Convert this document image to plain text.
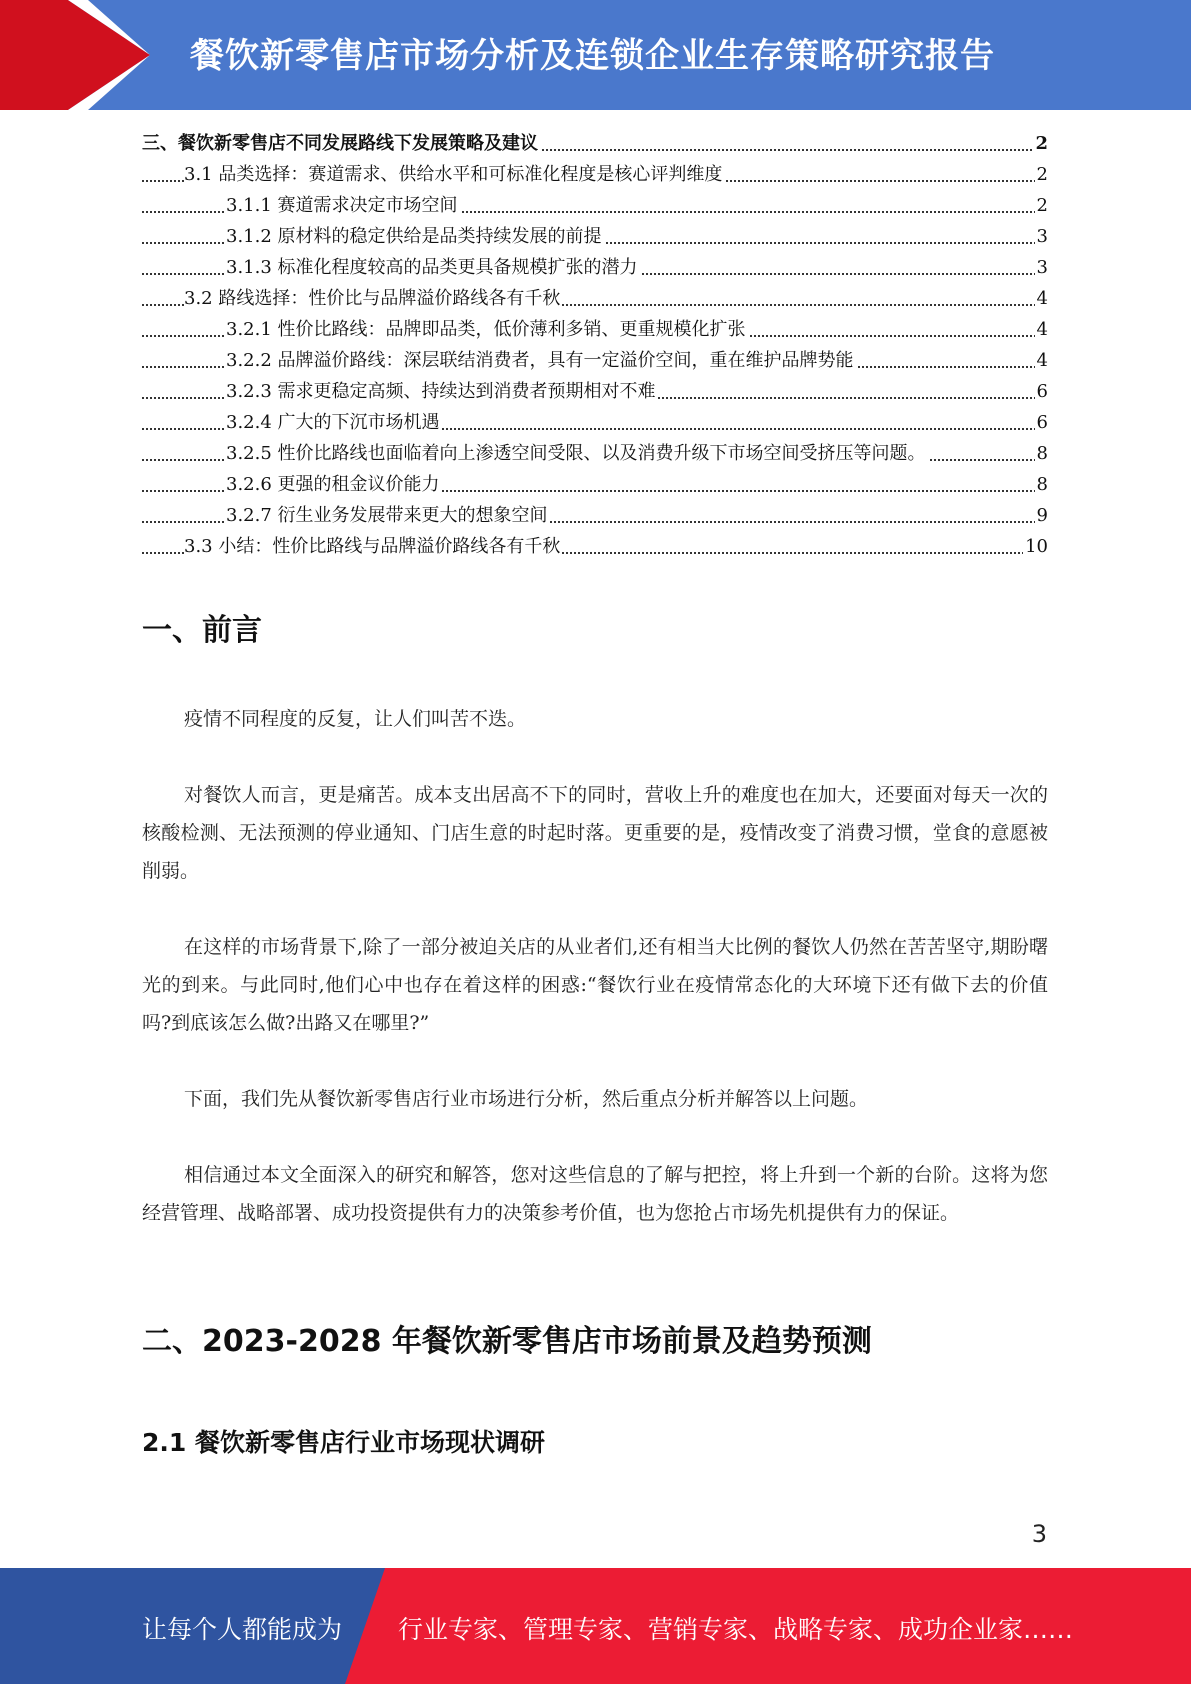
餐饮新零售店市场分析及连锁企业生存策略研究报告
三、餐饮新零售店不同发展路线下发展策略及建议	2
3.1 品类选择：赛道需求、供给水平和可标准化程度是核心评判维度	2
3.1.1 赛道需求决定市场空间	2
3.1.2 原材料的稳定供给是品类持续发展的前提	3
3.1.3 标准化程度较高的品类更具备规模扩张的潜力	3
3.2 路线选择：性价比与品牌溢价路线各有千秋	4
3.2.1 性价比路线：品牌即品类，低价薄利多销、更重规模化扩张	4
3.2.2 品牌溢价路线：深层联结消费者，具有一定溢价空间，重在维护品牌势能	4
3.2.3 需求更稳定高频、持续达到消费者预期相对不难	6
3.2.4 广大的下沉市场机遇	6
3.2.5 性价比路线也面临着向上渗透空间受限、以及消费升级下市场空间受挤压等问题。	8
3.2.6 更强的租金议价能力	8
3.2.7 衍生业务发展带来更大的想象空间	9
3.3 小结：性价比路线与品牌溢价路线各有千秋	10
一、前言

疫情不同程度的反复，让人们叫苦不迭。

对餐饮人而言，更是痛苦。成本支出居高不下的同时，营收上升的难度也在加大，还要面对每天一次的核酸检测、无法预测的停业通知、门店生意的时起时落。更重要的是，疫情改变了消费习惯，堂食的意愿被削弱。

在这样的市场背景下,除了一部分被迫关店的从业者们,还有相当大比例的餐饮人仍然在苦苦坚守,期盼曙光的到来。与此同时,他们心中也存在着这样的困惑:“餐饮行业在疫情常态化的大环境下还有做下去的价值吗?到底该怎么做?出路又在哪里?”

下面，我们先从餐饮新零售店行业市场进行分析，然后重点分析并解答以上问题。

相信通过本文全面深入的研究和解答，您对这些信息的了解与把控，将上升到一个新的台阶。这将为您经营管理、战略部署、成功投资提供有力的决策参考价值，也为您抢占市场先机提供有力的保证。

二、2023-2028 年餐饮新零售店市场前景及趋势预测
2.1 餐饮新零售店行业市场现状调研
3
让每个人都能成为 行业专家、管理专家、营销专家、战略专家、成功企业家……
